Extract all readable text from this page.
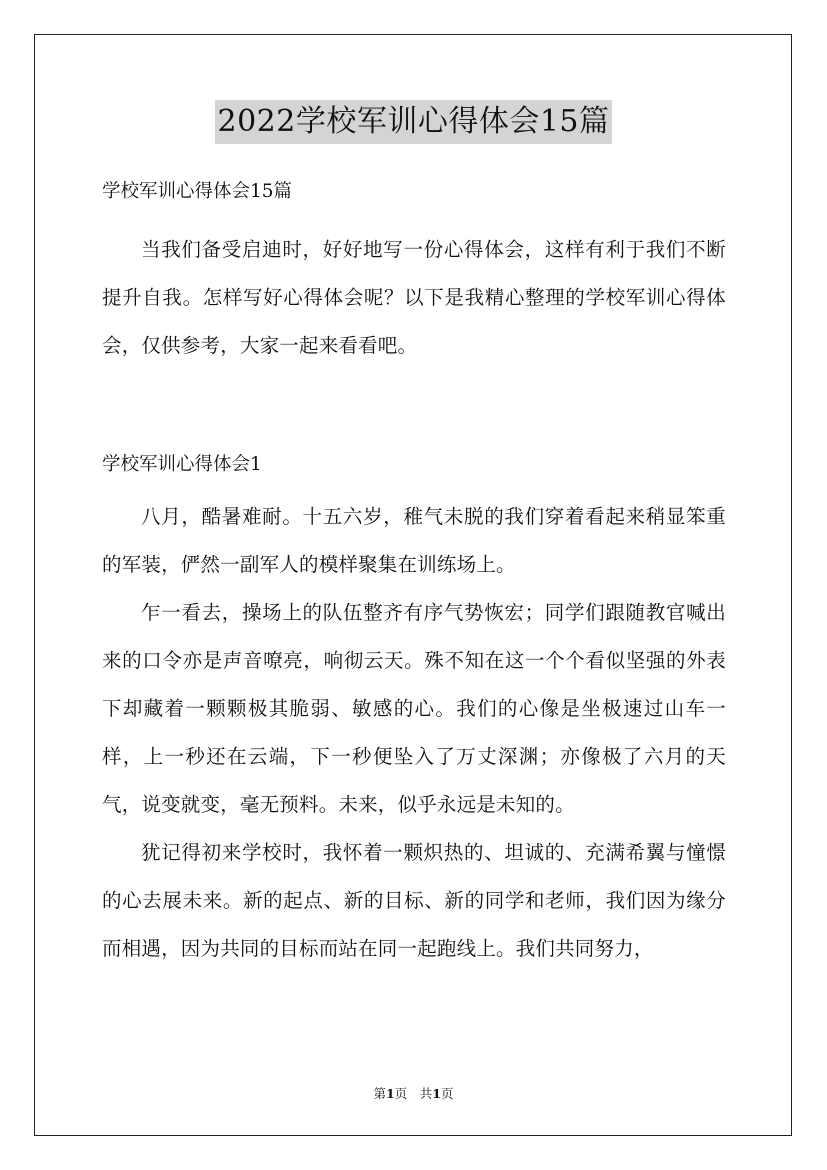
2022学校军训心得体会15篇

学校军训心得体会15篇

当我们备受启迪时，好好地写一份心得体会，这样有利于我们不断提升自我。怎样写好心得体会呢？以下是我精心整理的学校军训心得体会，仅供参考，大家一起来看看吧。

学校军训心得体会1

八月，酷暑难耐。十五六岁，稚气未脱的我们穿着看起来稍显笨重的军装，俨然一副军人的模样聚集在训练场上。

乍一看去，操场上的队伍整齐有序气势恢宏；同学们跟随教官喊出来的口令亦是声音嘹亮，响彻云天。殊不知在这一个个看似坚强的外表下却藏着一颗颗极其脆弱、敏感的心。我们的心像是坐极速过山车一样，上一秒还在云端，下一秒便坠入了万丈深渊；亦像极了六月的天气，说变就变，毫无预料。未来，似乎永远是未知的。

犹记得初来学校时，我怀着一颗炽热的、坦诚的、充满希翼与憧憬的心去展未来。新的起点、新的目标、新的同学和老师，我们因为缘分而相遇，因为共同的目标而站在同一起跑线上。我们共同努力，

第1页　共1页
